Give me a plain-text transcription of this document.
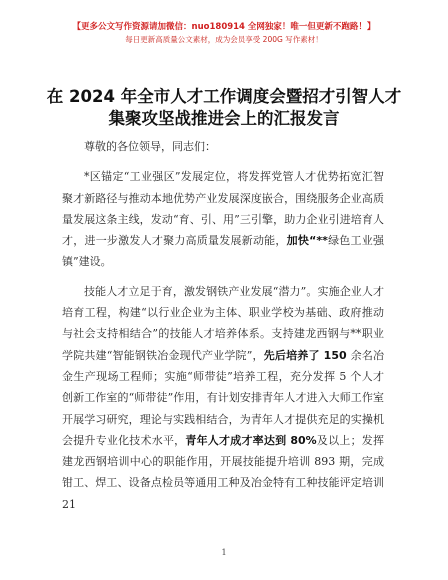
【更多公文写作资源请加微信：nuo180914 全网独家！唯一但更新不跑路！】
每日更新高质量公文素材，成为会员享受 200G 写作素材！
在 2024 年全市人才工作调度会暨招才引智人才
集聚攻坚战推进会上的汇报发言

尊敬的各位领导，同志们：

*区锚定“工业强区”发展定位，将发挥党管人才优势拓宽汇智聚才新路径与推动本地优势产业发展深度嵌合，围绕服务企业高质量发展这条主线，发动“育、引、用”三引擎，助力企业引进培育人才，进一步激发人才聚力高质量发展新动能，加快“**绿色工业强镇”建设。

技能人才立足于育，激发钢铁产业发展“潜力”。实施企业人才培育工程，构建“以行业企业为主体、职业学校为基础、政府推动与社会支持相结合”的技能人才培养体系。支持建龙西钢与**职业学院共建“智能钢铁冶金现代产业学院”，先后培养了 150 余名冶金生产现场工程师；实施“师带徒”培养工程，充分发挥 5 个人才创新工作室的“师带徒”作用，有计划安排青年人才进入大师工作室开展学习研究，理论与实践相结合，为青年人才提供充足的实操机会提升专业化技术水平，青年人才成才率达到 80%及以上；发挥建龙西钢培训中心的职能作用，开展技能提升培训 893 期，完成钳工、焊工、设备点检员等通用工种及冶金特有工种技能评定培训 21

1
